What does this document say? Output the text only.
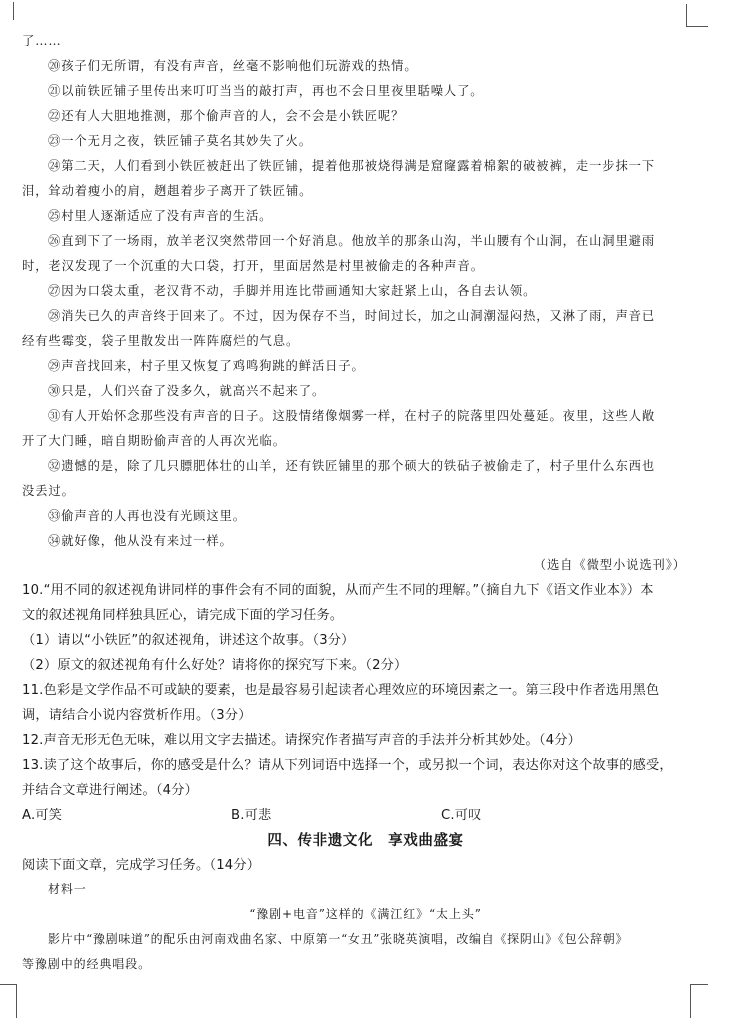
了……
⑳孩子们无所谓，有没有声音，丝毫不影响他们玩游戏的热情。
㉑以前铁匠铺子里传出来叮叮当当的敲打声，再也不会日里夜里聒噪人了。
㉒还有人大胆地推测，那个偷声音的人，会不会是小铁匠呢？
㉓一个无月之夜，铁匠铺子莫名其妙失了火。
㉔第二天，人们看到小铁匠被赶出了铁匠铺，提着他那被烧得满是窟窿露着棉絮的破被裤，走一步抹一下
泪，耸动着瘦小的肩，趔趄着步子离开了铁匠铺。
㉕村里人逐渐适应了没有声音的生活。
㉖直到下了一场雨，放羊老汉突然带回一个好消息。他放羊的那条山沟，半山腰有个山洞，在山洞里避雨
时，老汉发现了一个沉重的大口袋，打开，里面居然是村里被偷走的各种声音。
㉗因为口袋太重，老汉背不动，手脚并用连比带画通知大家赶紧上山，各自去认领。
㉘消失已久的声音终于回来了。不过，因为保存不当，时间过长，加之山洞潮湿闷热，又淋了雨，声音已
经有些霉变，袋子里散发出一阵阵腐烂的气息。
㉙声音找回来，村子里又恢复了鸡鸣狗跳的鲜活日子。
㉚只是，人们兴奋了没多久，就高兴不起来了。
㉛有人开始怀念那些没有声音的日子。这股情绪像烟雾一样，在村子的院落里四处蔓延。夜里，这些人敞
开了大门睡，暗自期盼偷声音的人再次光临。
㉜遗憾的是，除了几只膘肥体壮的山羊，还有铁匠铺里的那个硕大的铁砧子被偷走了，村子里什么东西也
没丢过。
㉝偷声音的人再也没有光顾这里。
㉞就好像，他从没有来过一样。
（选自《微型小说选刊》）
10.“用不同的叙述视角讲同样的事件会有不同的面貌，从而产生不同的理解。”（摘自九下《语文作业本》）本
文的叙述视角同样独具匠心，请完成下面的学习任务。
（1）请以“小铁匠”的叙述视角，讲述这个故事。（3分）
（2）原文的叙述视角有什么好处？请将你的探究写下来。（2分）
11.色彩是文学作品不可或缺的要素，也是最容易引起读者心理效应的环境因素之一。第三段中作者选用黑色
调，请结合小说内容赏析作用。（3分）
12.声音无形无色无味，难以用文字去描述。请探究作者描写声音的手法并分析其妙处。（4分）
13.读了这个故事后，你的感受是什么？请从下列词语中选择一个，或另拟一个词，表达你对这个故事的感受，
并结合文章进行阐述。（4分）
A.可笑	B.可悲	C.可叹
四、传非遗文化　享戏曲盛宴
阅读下面文章，完成学习任务。（14分）
材料一
“豫剧+电音”这样的《满江红》“太上头”
影片中“豫剧味道”的配乐由河南戏曲名家、中原第一“女丑”张晓英演唱，改编自《探阴山》《包公辞朝》
等豫剧中的经典唱段。
